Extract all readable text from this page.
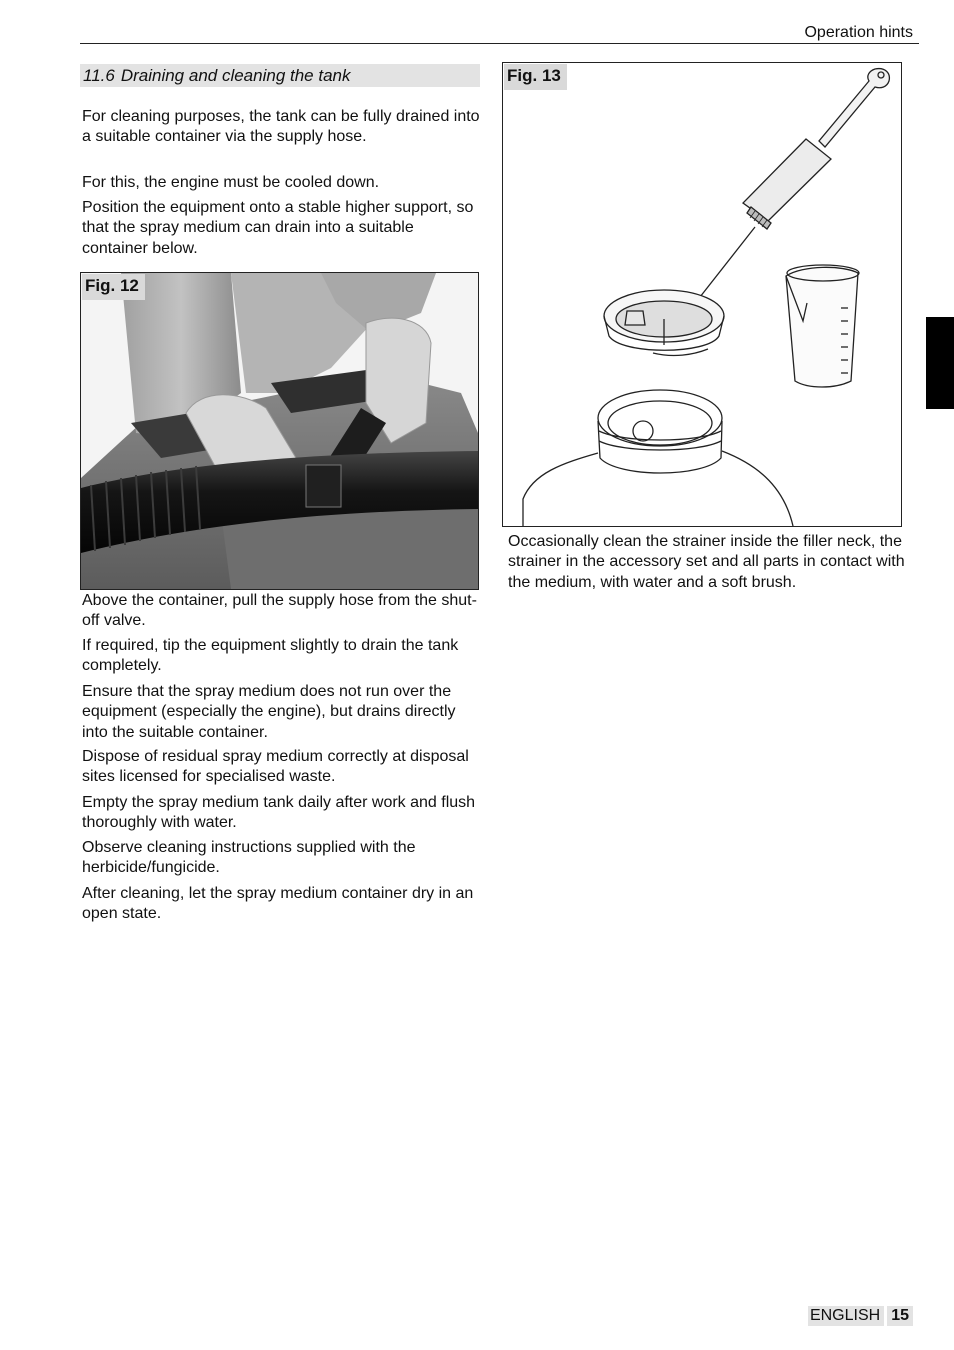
Operation hints
11.6 Draining and cleaning the tank

For cleaning purposes, the tank can be fully drained into a suitable container via the supply hose.

For this, the engine must be cooled down.

Position the equipment onto a stable higher support, so that the spray medium can drain into a suitable container below.

Fig. 12

Above the container, pull the supply hose from the shut-off valve.

If required, tip the equipment slightly to drain the tank completely.

Ensure that the spray medium does not run over the equipment (especially the engine), but drains directly into the suitable container.

Dispose of residual spray medium correctly at disposal sites licensed for specialised waste.

Empty the spray medium tank daily after work and flush thoroughly with water.

Observe cleaning instructions supplied with the herbicide/fungicide.

After cleaning, let the spray medium container dry in an open state.

Fig. 13

Occasionally clean the strainer inside the filler neck, the strainer in the accessory set and all parts in contact with the medium, with water and a soft brush.

ENGLISH 15
